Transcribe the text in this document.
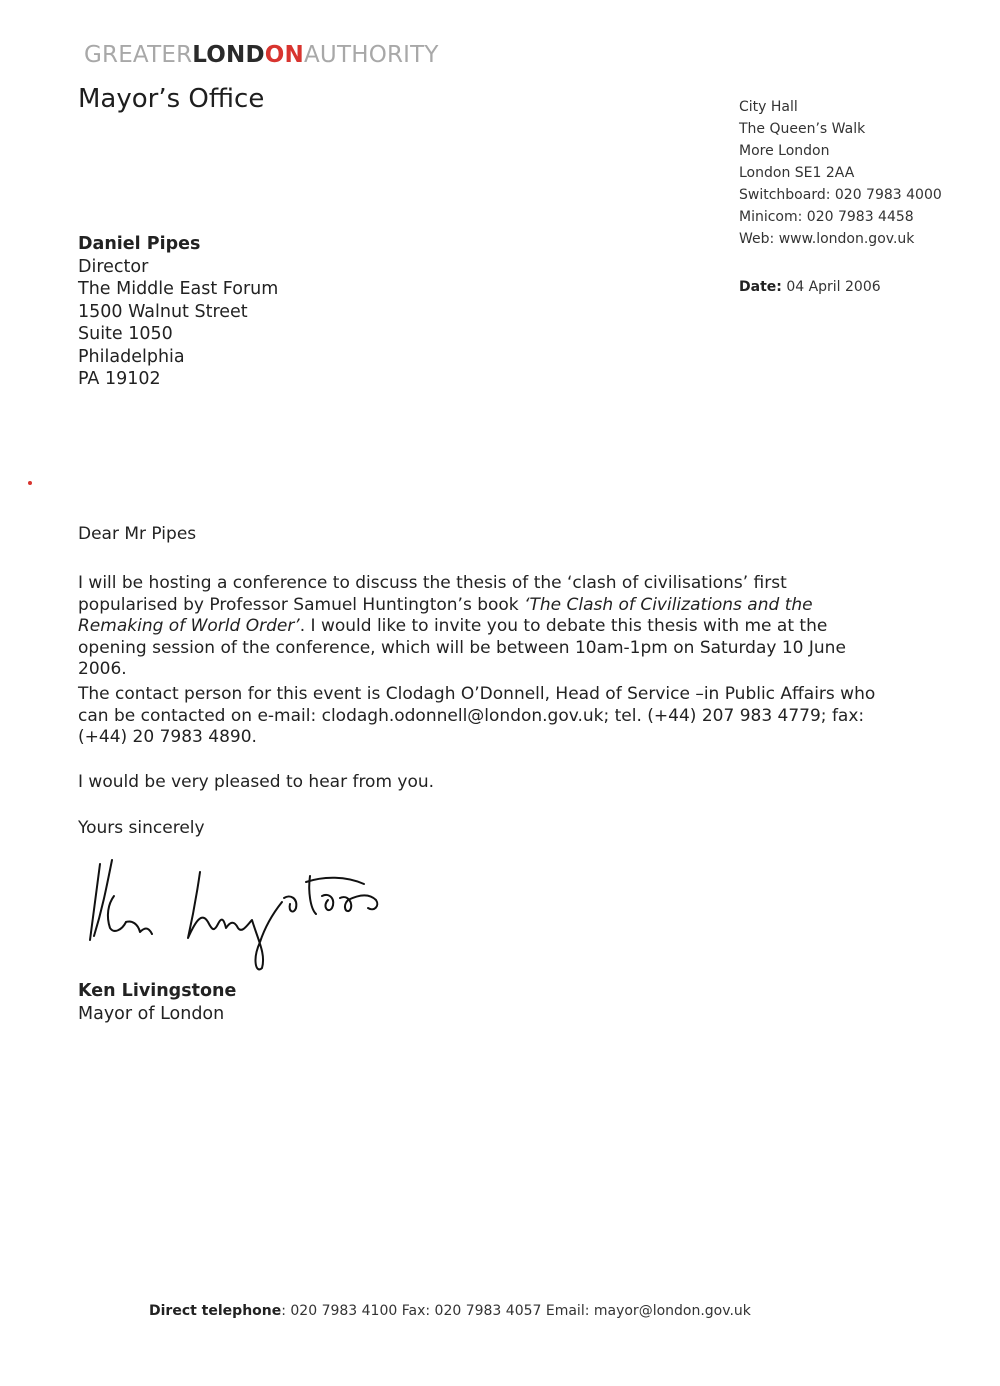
GREATERLONDONAUTHORITY
Mayor’s Office	City Hall
The Queen’s Walk
More London
London SE1 2AA
Switchboard: 020 7983 4000
Minicom: 020 7983 4458
Web: www.london.gov.uk
Date: 04 April 2006
Daniel Pipes
Director
The Middle East Forum
1500 Walnut Street
Suite 1050
Philadelphia
PA 19102
Dear Mr Pipes
I will be hosting a conference to discuss the thesis of the ‘clash of civilisations’ first popularised by Professor Samuel Huntington’s book ‘The Clash of Civilizations and the Remaking of World Order’. I would like to invite you to debate this thesis with me at the opening session of the conference, which will be between 10am-1pm on Saturday 10 June 2006.
The contact person for this event is Clodagh O’Donnell, Head of Service –in Public Affairs who can be contacted on e-mail: clodagh.odonnell@london.gov.uk; tel. (+44) 207 983 4779; fax: (+44) 20 7983 4890.
I would be very pleased to hear from you.
Yours sincerely
Ken Livingstone
Mayor of London
Direct telephone: 020 7983 4100 Fax: 020 7983 4057 Email: mayor@london.gov.uk
